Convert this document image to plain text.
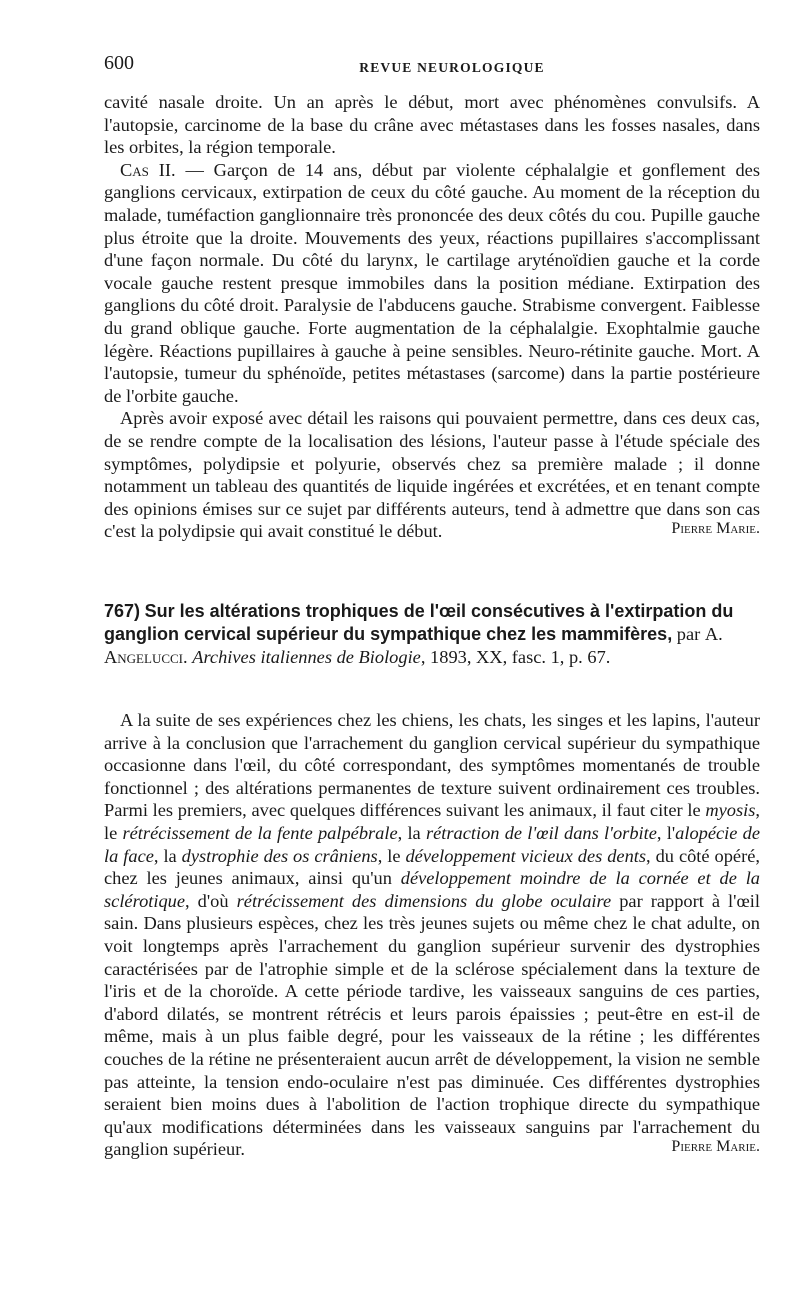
600	REVUE NEUROLOGIQUE

cavité nasale droite. Un an après le début, mort avec phénomènes convulsifs. A l'autopsie, carcinome de la base du crâne avec métastases dans les fosses nasales, dans les orbites, la région temporale.

Cas II. — Garçon de 14 ans, début par violente céphalalgie et gonflement des ganglions cervicaux, extirpation de ceux du côté gauche. Au moment de la réception du malade, tuméfaction ganglionnaire très prononcée des deux côtés du cou. Pupille gauche plus étroite que la droite. Mouvements des yeux, réactions pupillaires s'accomplissant d'une façon normale. Du côté du larynx, le cartilage aryténoïdien gauche et la corde vocale gauche restent presque immobiles dans la position médiane. Extirpation des ganglions du côté droit. Paralysie de l'abducens gauche. Strabisme convergent. Faiblesse du grand oblique gauche. Forte augmentation de la céphalalgie. Exophtalmie gauche légère. Réactions pupillaires à gauche à peine sensibles. Neuro-rétinite gauche. Mort. A l'autopsie, tumeur du sphénoïde, petites métastases (sarcome) dans la partie postérieure de l'orbite gauche.

Après avoir exposé avec détail les raisons qui pouvaient permettre, dans ces deux cas, de se rendre compte de la localisation des lésions, l'auteur passe à l'étude spéciale des symptômes, polydipsie et polyurie, observés chez sa première malade ; il donne notamment un tableau des quantités de liquide ingérées et excrétées, et en tenant compte des opinions émises sur ce sujet par différents auteurs, tend à admettre que dans son cas c'est la polydipsie qui avait constitué le début.	Pierre Marie.
767) Sur les altérations trophiques de l'œil consécutives à l'extirpation du ganglion cervical supérieur du sympathique chez les mammifères, par A. Angelucci. Archives italiennes de Biologie, 1893, XX, fasc. 1, p. 67.

A la suite de ses expériences chez les chiens, les chats, les singes et les lapins, l'auteur arrive à la conclusion que l'arrachement du ganglion cervical supérieur du sympathique occasionne dans l'œil, du côté correspondant, des symptômes momentanés de trouble fonctionnel ; des altérations permanentes de texture suivent ordinairement ces troubles. Parmi les premiers, avec quelques différences suivant les animaux, il faut citer le myosis, le rétrécissement de la fente palpébrale, la rétraction de l'œil dans l'orbite, l'alopécie de la face, la dystrophie des os crâniens, le développement vicieux des dents, du côté opéré, chez les jeunes animaux, ainsi qu'un développement moindre de la cornée et de la sclérotique, d'où rétrécissement des dimensions du globe oculaire par rapport à l'œil sain. Dans plusieurs espèces, chez les très jeunes sujets ou même chez le chat adulte, on voit longtemps après l'arrachement du ganglion supérieur survenir des dystrophies caractérisées par de l'atrophie simple et de la sclérose spécialement dans la texture de l'iris et de la choroïde. A cette période tardive, les vaisseaux sanguins de ces parties, d'abord dilatés, se montrent rétrécis et leurs parois épaissies ; peut-être en est-il de même, mais à un plus faible degré, pour les vaisseaux de la rétine ; les différentes couches de la rétine ne présenteraient aucun arrêt de développement, la vision ne semble pas atteinte, la tension endo-oculaire n'est pas diminuée. Ces différentes dystrophies seraient bien moins dues à l'abolition de l'action trophique directe du sympathique qu'aux modifications déterminées dans les vaisseaux sanguins par l'arrachement du ganglion supérieur.	Pierre Marie.
